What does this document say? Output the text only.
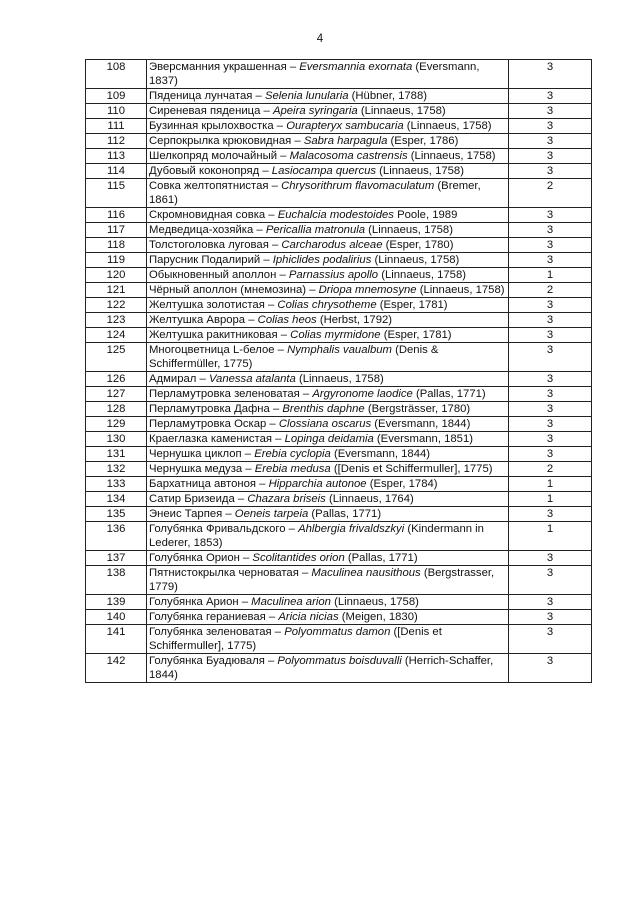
4
108	Эверсманния украшенная – Eversmannia exornata (Eversmann, 1837)	3
109	Пяденица лунчатая – Selenia lunularia (Hübner, 1788)	3
110	Сиреневая пяденица – Apeira syringaria (Linnaeus, 1758)	3
111	Бузинная крылохвостка – Ourapteryx sambucaria (Linnaeus, 1758)	3
112	Серпокрылка крюковидная – Sabra harpagula (Esper, 1786)	3
113	Шелкопряд молочайный – Malacosoma castrensis (Linnaeus, 1758)	3
114	Дубовый коконопряд – Lasiocampa quercus (Linnaeus, 1758)	3
115	Совка желтопятнистая – Chrysorithrum flavomaculatum (Bremer, 1861)	2
116	Скромновидная совка – Euchalcia modestoides Poole, 1989	3
117	Медведица-хозяйка – Pericallia matronula (Linnaeus, 1758)	3
118	Толстоголовка луговая – Carcharodus alceae (Esper, 1780)	3
119	Парусник Подалирий – Iphiclides podalirius (Linnaeus, 1758)	3
120	Обыкновенный аполлон – Parnassius apollo (Linnaeus, 1758)	1
121	Чёрный аполлон (мнемозина) – Driopa mnemosyne (Linnaeus, 1758)	2
122	Желтушка золотистая – Colias chrysotheme (Esper, 1781)	3
123	Желтушка Аврора – Colias heos (Herbst, 1792)	3
124	Желтушка ракитниковая – Colias myrmidone (Esper, 1781)	3
125	Многоцветница L-белое – Nymphalis vaualbum (Denis & Schiffermüller, 1775)	3
126	Адмирал – Vanessa atalanta (Linnaeus, 1758)	3
127	Перламутровка зеленоватая – Argyronome laodice (Pallas, 1771)	3
128	Перламутровка Дафна – Brenthis daphne (Bergsträsser, 1780)	3
129	Перламутровка Оскар – Clossiana oscarus (Eversmann, 1844)	3
130	Краеглазка каменистая – Lopinga deidamia (Eversmann, 1851)	3
131	Чернушка циклоп – Erebia cyclopia (Eversmann, 1844)	3
132	Чернушка медуза – Erebia medusa ([Denis et Schiffermuller], 1775)	2
133	Бархатница автоноя – Hipparchia autonoe (Esper, 1784)	1
134	Сатир Бризеида – Chazara briseis (Linnaeus, 1764)	1
135	Энеис Тарпея – Oeneis tarpeia (Pallas, 1771)	3
136	Голубянка Фривальдского – Ahlbergia frivaldszkyi (Kindermann in Lederer, 1853)	1
137	Голубянка Орион – Scolitantides orion (Pallas, 1771)	3
138	Пятнистокрылка черноватая – Maculinea nausithous (Bergstrasser, 1779)	3
139	Голубянка Арион – Maculinea arion (Linnaeus, 1758)	3
140	Голубянка гераниевая – Aricia nicias (Meigen, 1830)	3
141	Голубянка зеленоватая – Polyommatus damon ([Denis et Schiffermuller], 1775)	3
142	Голубянка Буадюваля – Polyommatus boisduvalli (Herrich-Schaffer, 1844)	3
